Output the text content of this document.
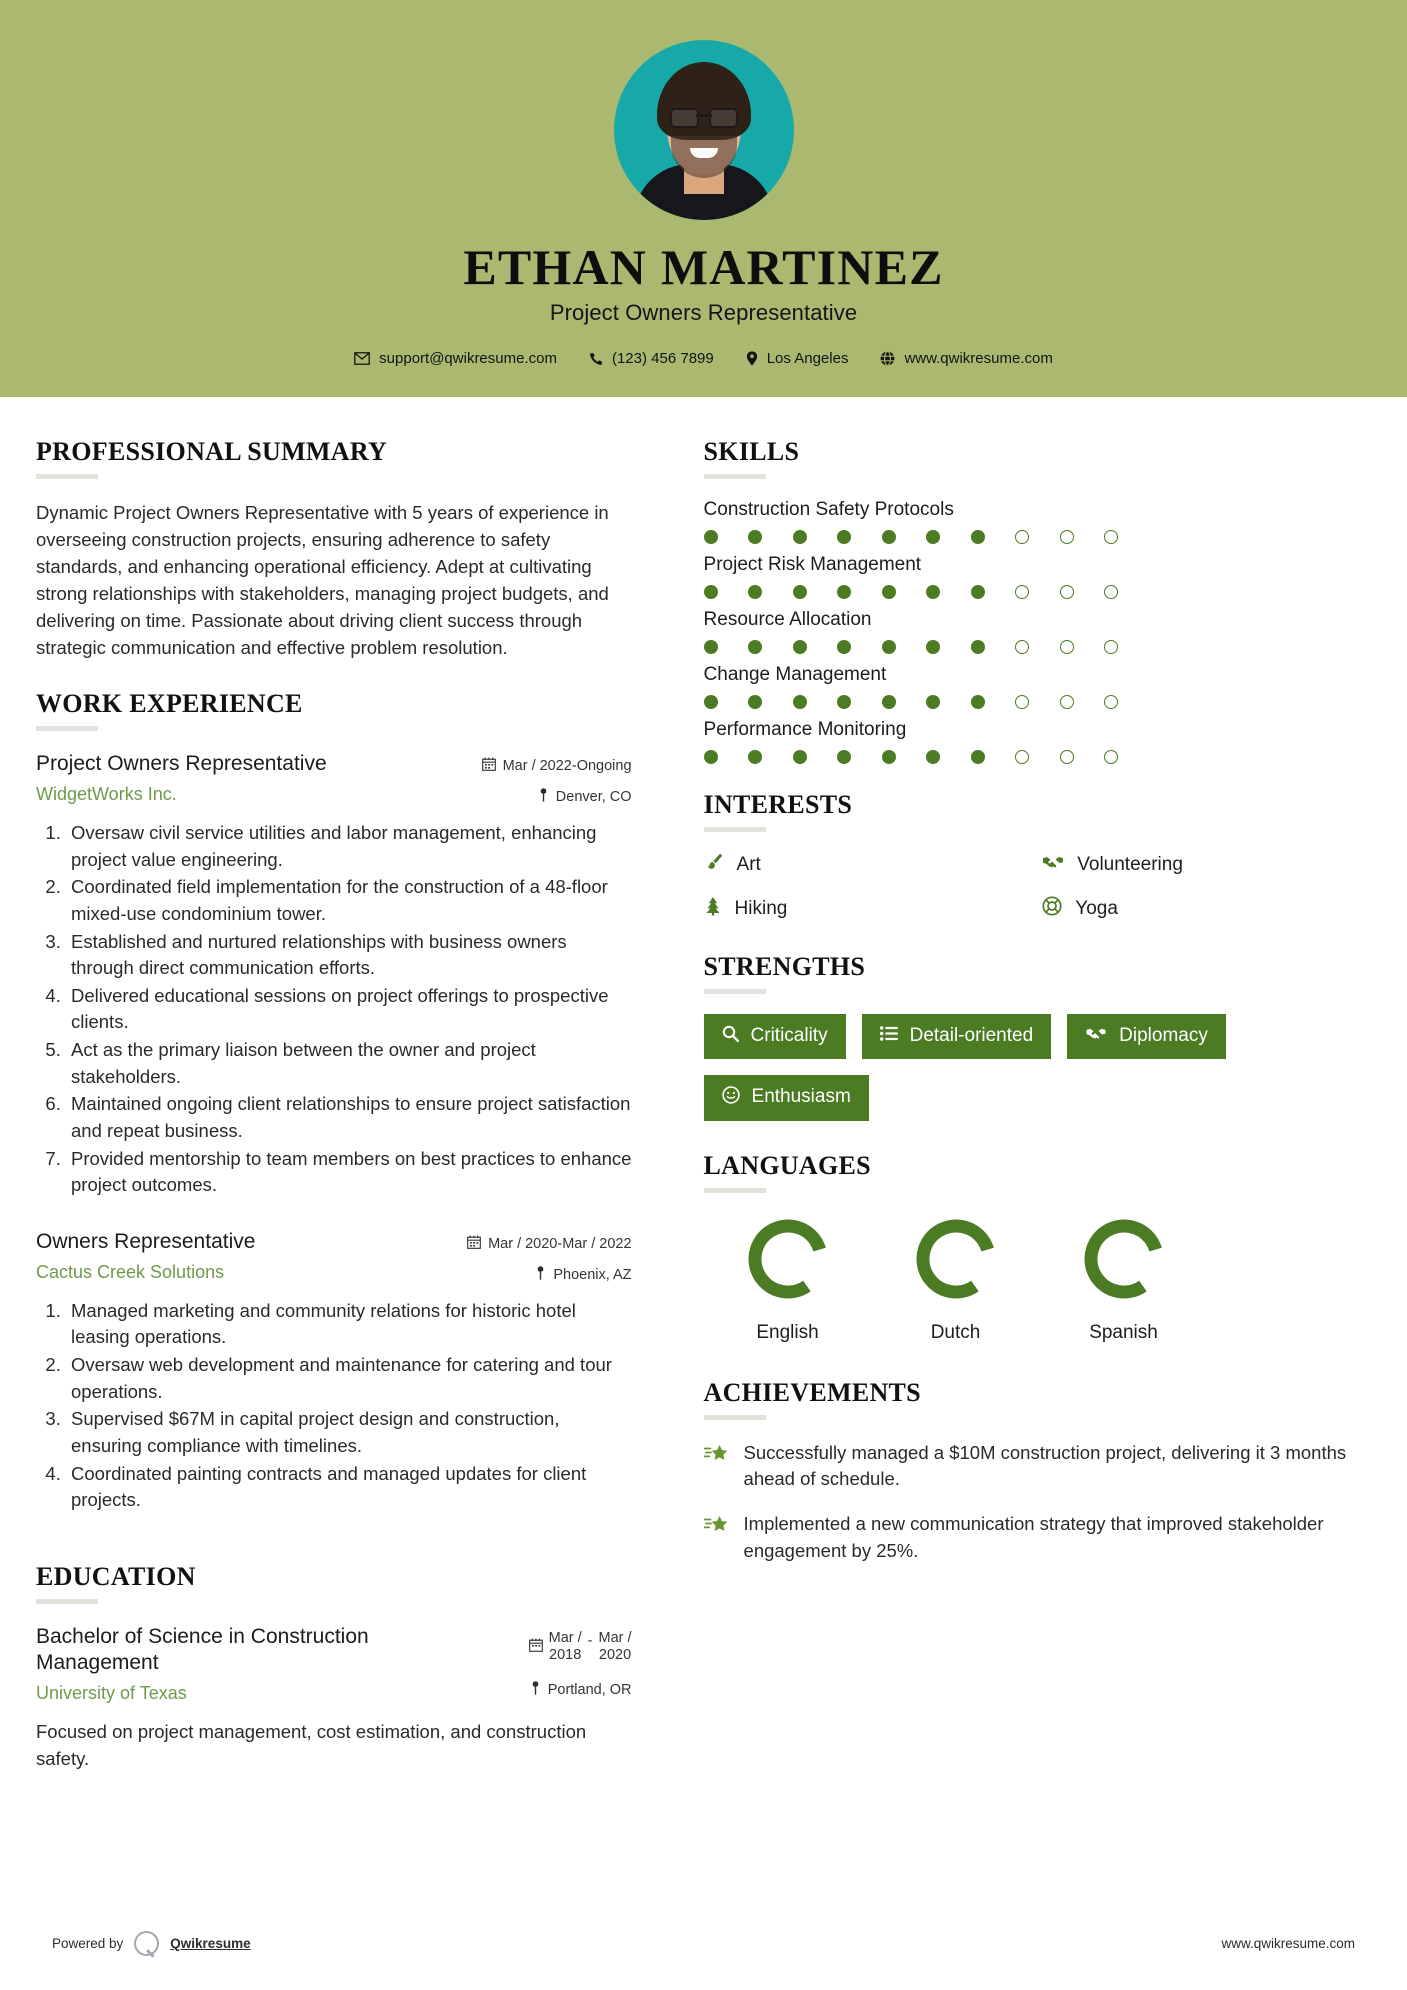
ETHAN MARTINEZ
Project Owners Representative
support@qwikresume.com	(123) 456 7899	Los Angeles	www.qwikresume.com
PROFESSIONAL SUMMARY
Dynamic Project Owners Representative with 5 years of experience in overseeing construction projects, ensuring adherence to safety standards, and enhancing operational efficiency. Adept at cultivating strong relationships with stakeholders, managing project budgets, and delivering on time. Passionate about driving client success through strategic communication and effective problem resolution.
WORK EXPERIENCE
Project Owners Representative
WidgetWorks Inc.
Mar / 2022-Ongoing
Denver, CO
1. Oversaw civil service utilities and labor management, enhancing project value engineering.
2. Coordinated field implementation for the construction of a 48-floor mixed-use condominium tower.
3. Established and nurtured relationships with business owners through direct communication efforts.
4. Delivered educational sessions on project offerings to prospective clients.
5. Act as the primary liaison between the owner and project stakeholders.
6. Maintained ongoing client relationships to ensure project satisfaction and repeat business.
7. Provided mentorship to team members on best practices to enhance project outcomes.
Owners Representative
Cactus Creek Solutions
Mar / 2020-Mar / 2022
Phoenix, AZ
1. Managed marketing and community relations for historic hotel leasing operations.
2. Oversaw web development and maintenance for catering and tour operations.
3. Supervised $67M in capital project design and construction, ensuring compliance with timelines.
4. Coordinated painting contracts and managed updates for client projects.
EDUCATION
Bachelor of Science in Construction Management
University of Texas
Mar /
2018
- Mar /
2020
Portland, OR
Focused on project management, cost estimation, and construction safety.
SKILLS
Construction Safety Protocols
Project Risk Management
Resource Allocation
Change Management
Performance Monitoring
INTERESTS
Art	Volunteering
Hiking	Yoga
STRENGTHS
Criticality	Detail-oriented	Diplomacy
Enthusiasm
LANGUAGES
English	Dutch	Spanish
ACHIEVEMENTS
Successfully managed a $10M construction project, delivering it 3 months ahead of schedule.
Implemented a new communication strategy that improved stakeholder engagement by 25%.
Powered by	Qwikresume	www.qwikresume.com
